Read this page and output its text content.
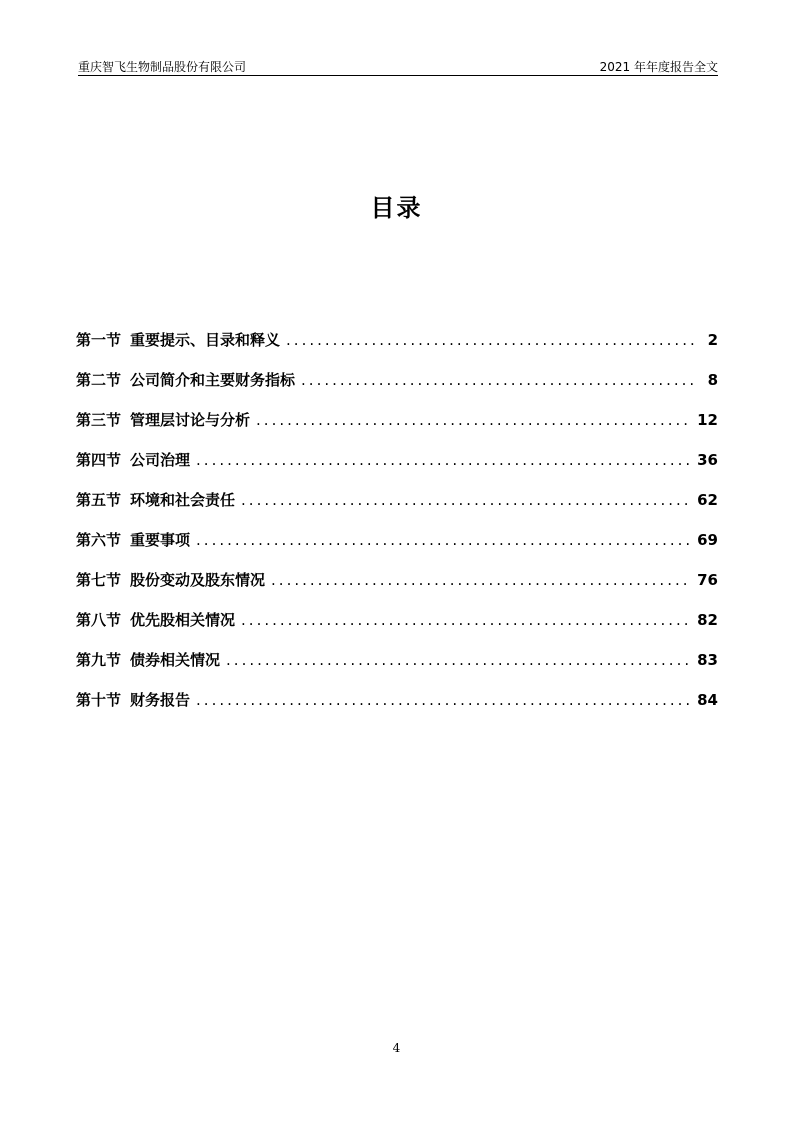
重庆智飞生物制品股份有限公司	2021 年年度报告全文
目录
第一节 重要提示、目录和释义 .....	2
第二节 公司简介和主要财务指标 .....	8
第三节 管理层讨论与分析 .....	12
第四节 公司治理 .....	36
第五节 环境和社会责任 .....	62
第六节 重要事项 .....	69
第七节 股份变动及股东情况 .....	76
第八节 优先股相关情况 .....	82
第九节 债券相关情况 .....	83
第十节 财务报告 .....	84
4
